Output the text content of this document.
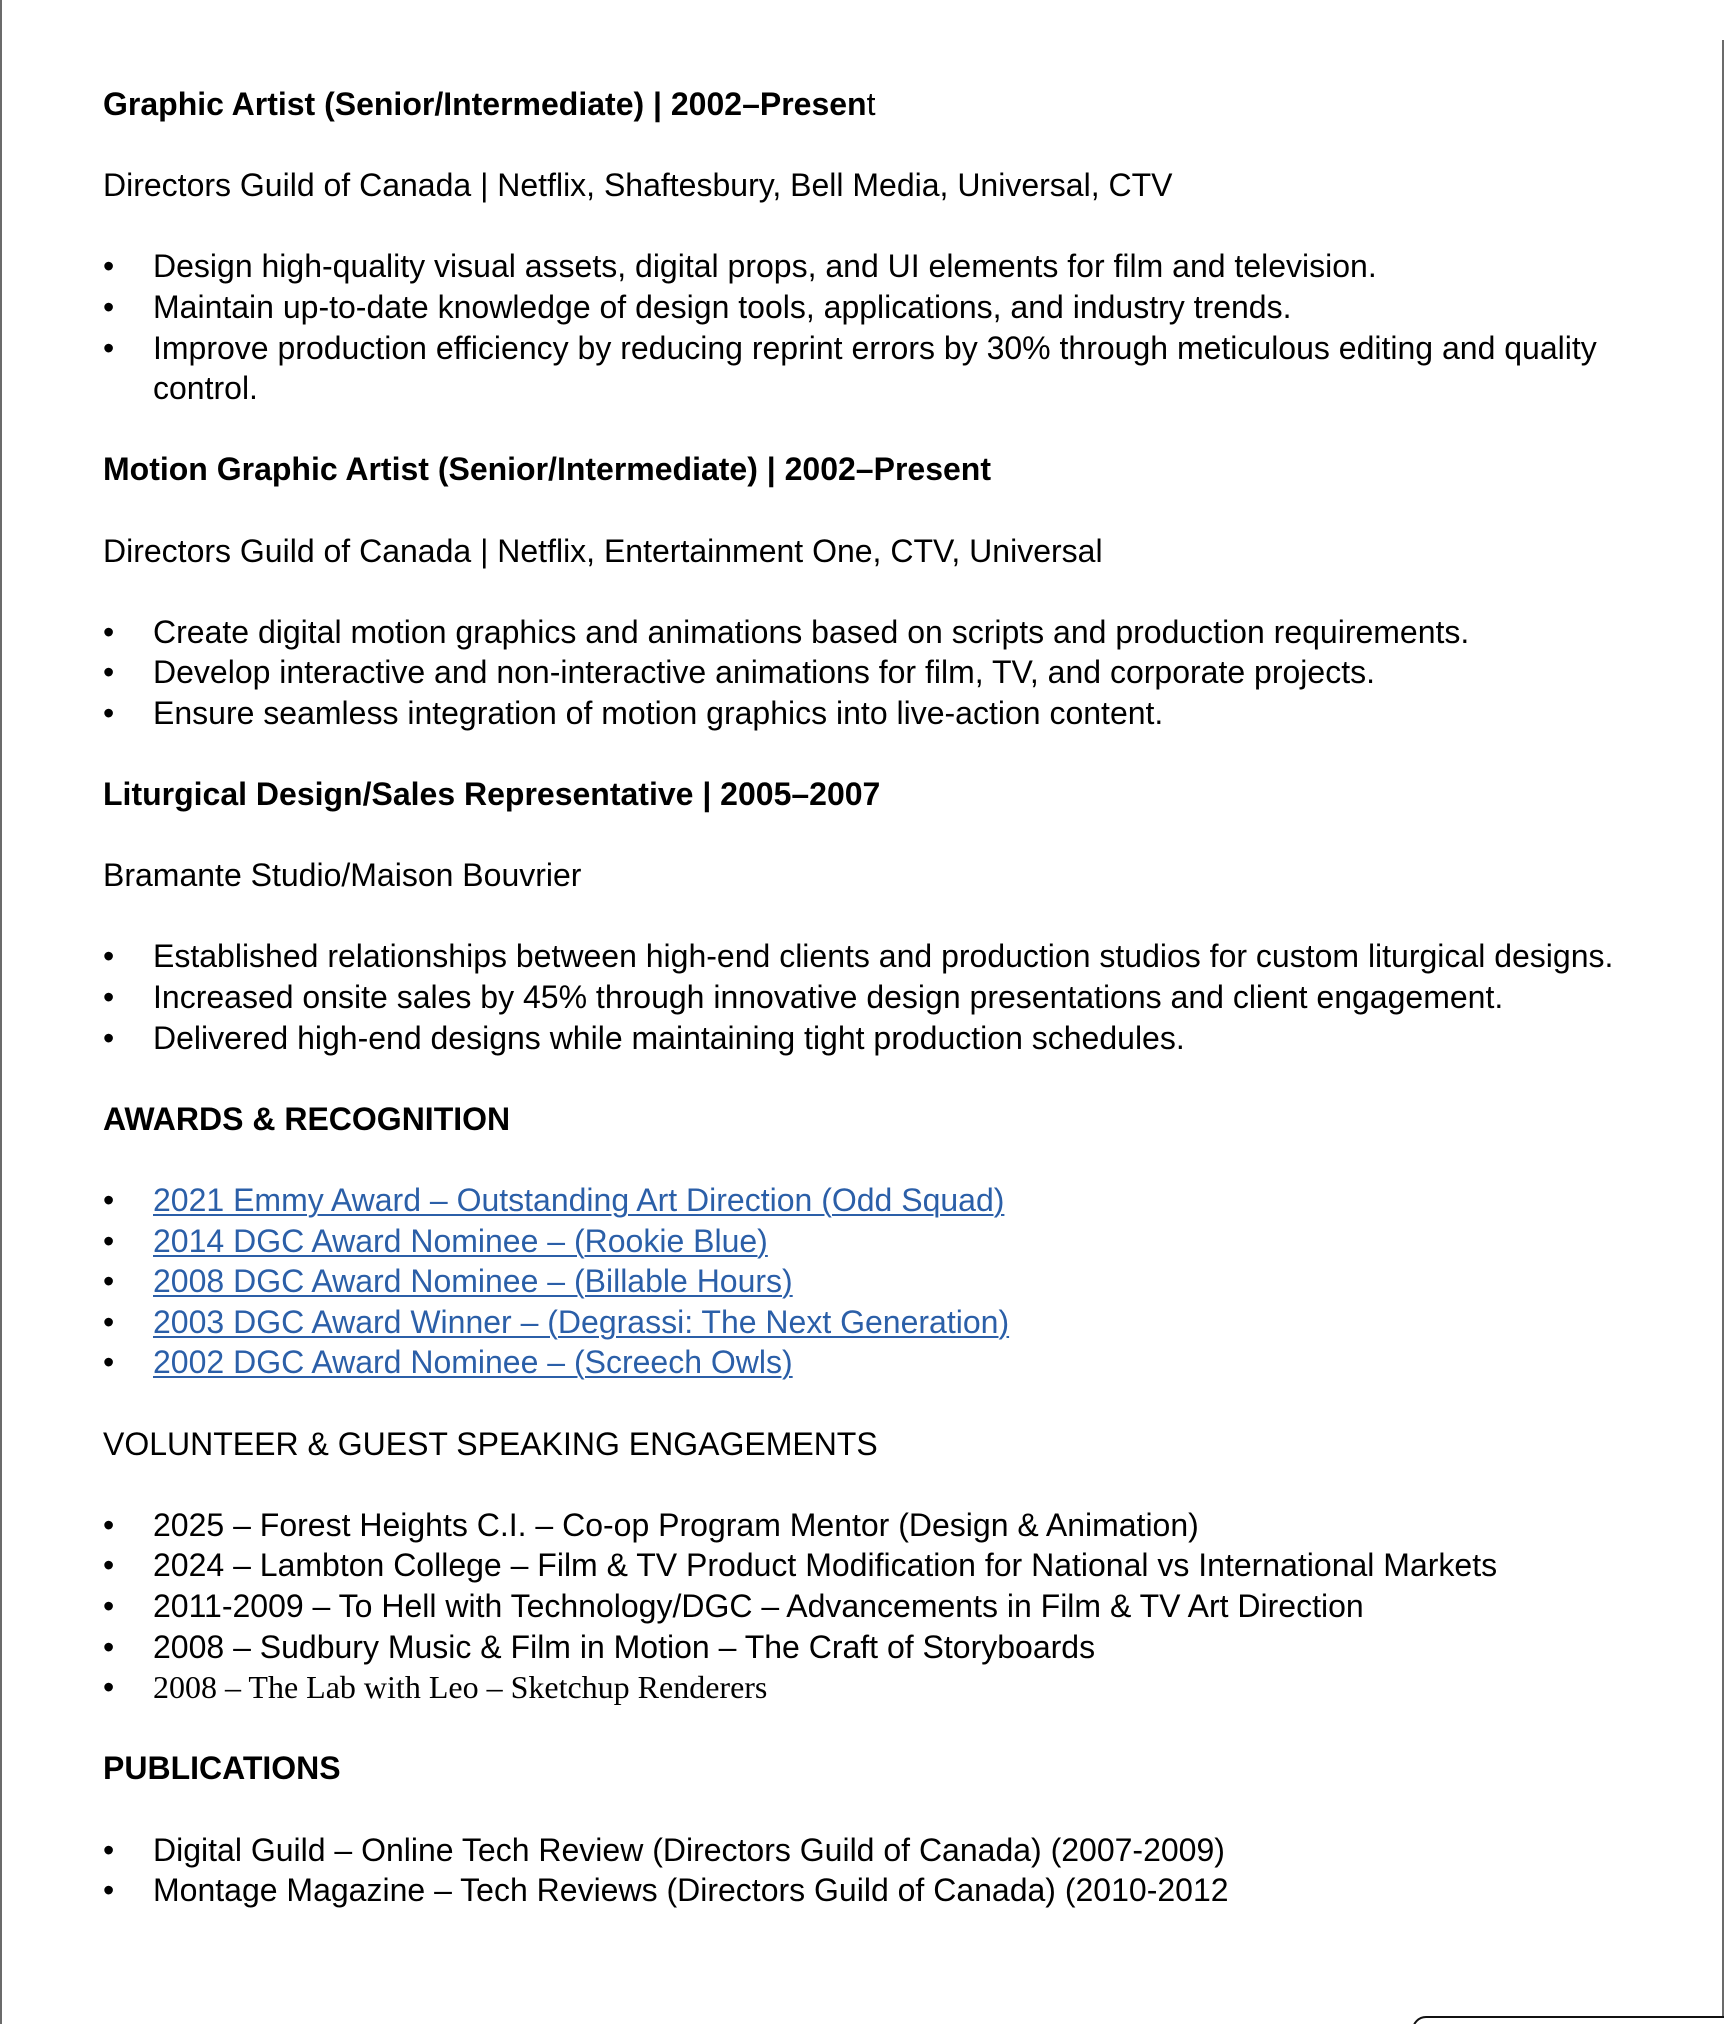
Graphic Artist (Senior/Intermediate) | 2002–Present
Directors Guild of Canada | Netflix, Shaftesbury, Bell Media, Universal, CTV
• Design high-quality visual assets, digital props, and UI elements for film and television.
• Maintain up-to-date knowledge of design tools, applications, and industry trends.
• Improve production efficiency by reducing reprint errors by 30% through meticulous editing and quality control.
Motion Graphic Artist (Senior/Intermediate) | 2002–Present
Directors Guild of Canada | Netflix, Entertainment One, CTV, Universal
• Create digital motion graphics and animations based on scripts and production requirements.
• Develop interactive and non-interactive animations for film, TV, and corporate projects.
• Ensure seamless integration of motion graphics into live-action content.
Liturgical Design/Sales Representative | 2005–2007
Bramante Studio/Maison Bouvrier
• Established relationships between high-end clients and production studios for custom liturgical designs.
• Increased onsite sales by 45% through innovative design presentations and client engagement.
• Delivered high-end designs while maintaining tight production schedules.
AWARDS & RECOGNITION
• 2021 Emmy Award – Outstanding Art Direction (Odd Squad)
• 2014 DGC Award Nominee – (Rookie Blue)
• 2008 DGC Award Nominee – (Billable Hours)
• 2003 DGC Award Winner – (Degrassi: The Next Generation)
• 2002 DGC Award Nominee – (Screech Owls)
VOLUNTEER & GUEST SPEAKING ENGAGEMENTS
• 2025 – Forest Heights C.I. – Co-op Program Mentor (Design & Animation)
• 2024 – Lambton College – Film & TV Product Modification for National vs International Markets
• 2011-2009 – To Hell with Technology/DGC – Advancements in Film & TV Art Direction
• 2008 – Sudbury Music & Film in Motion – The Craft of Storyboards
• 2008 – The Lab with Leo – Sketchup Renderers
PUBLICATIONS
• Digital Guild – Online Tech Review (Directors Guild of Canada) (2007-2009)
• Montage Magazine – Tech Reviews (Directors Guild of Canada) (2010-2012
